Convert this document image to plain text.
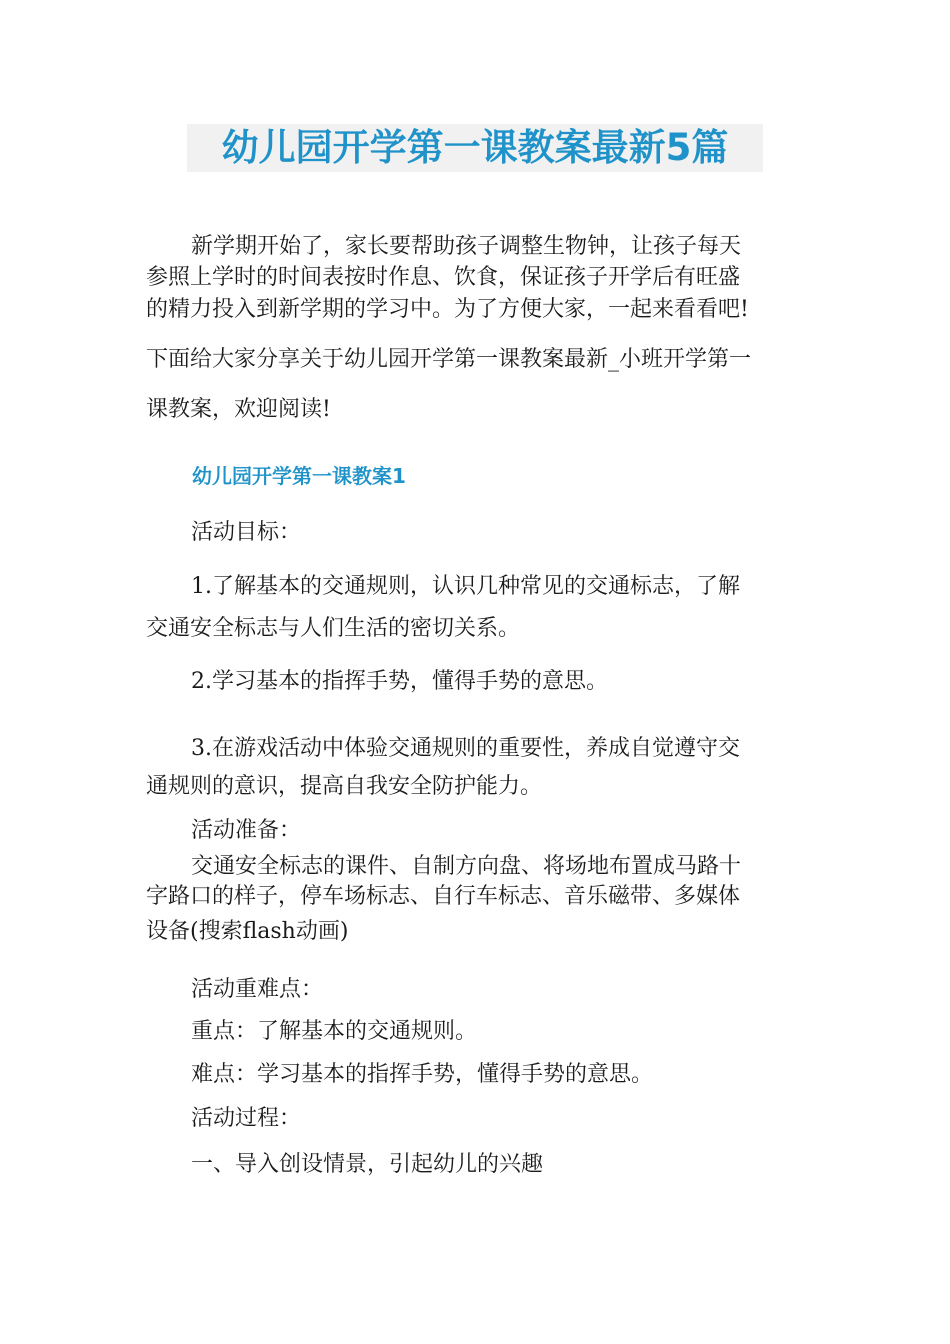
幼儿园开学第一课教案最新5篇
新学期开始了，家长要帮助孩子调整生物钟，让孩子每天
参照上学时的时间表按时作息、饮食，保证孩子开学后有旺盛
的精力投入到新学期的学习中。为了方便大家，一起来看看吧!
下面给大家分享关于幼儿园开学第一课教案最新_小班开学第一
课教案，欢迎阅读!
幼儿园开学第一课教案1
活动目标：
1.了解基本的交通规则，认识几种常见的交通标志，了解
交通安全标志与人们生活的密切关系。
2.学习基本的指挥手势，懂得手势的意思。
3.在游戏活动中体验交通规则的重要性，养成自觉遵守交
通规则的意识，提高自我安全防护能力。
活动准备：
交通安全标志的课件、自制方向盘、将场地布置成马路十
字路口的样子，停车场标志、自行车标志、音乐磁带、多媒体
设备(搜索flash动画)
活动重难点：
重点：了解基本的交通规则。
难点：学习基本的指挥手势，懂得手势的意思。
活动过程：
一、导入创设情景，引起幼儿的兴趣
